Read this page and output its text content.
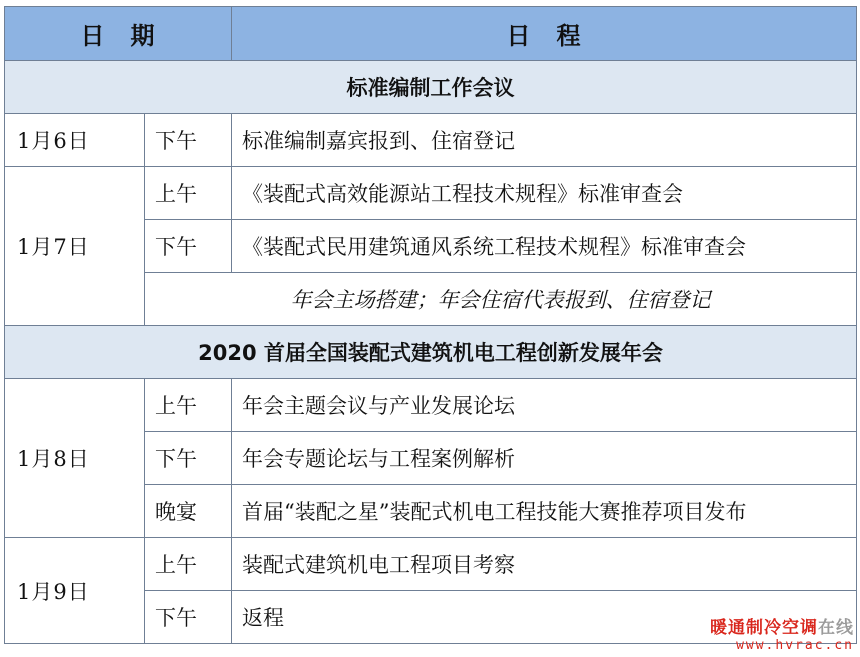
日　期		日　程
标准编制工作会议		
1月6日	下午	标准编制嘉宾报到、住宿登记
1月7日	上午	《装配式高效能源站工程技术规程》标准审查会
	下午	《装配式民用建筑通风系统工程技术规程》标准审查会
	年会主场搭建；年会住宿代表报到、住宿登记	
2020 首届全国装配式建筑机电工程创新发展年会		
1月8日	上午	年会主题会议与产业发展论坛
	下午	年会专题论坛与工程案例解析
	晚宴	首届“装配之星”装配式机电工程技能大赛推荐项目发布
1月9日	上午	装配式建筑机电工程项目考察
	下午	返程	暖通制冷空调在线
www.hvrac.cn
